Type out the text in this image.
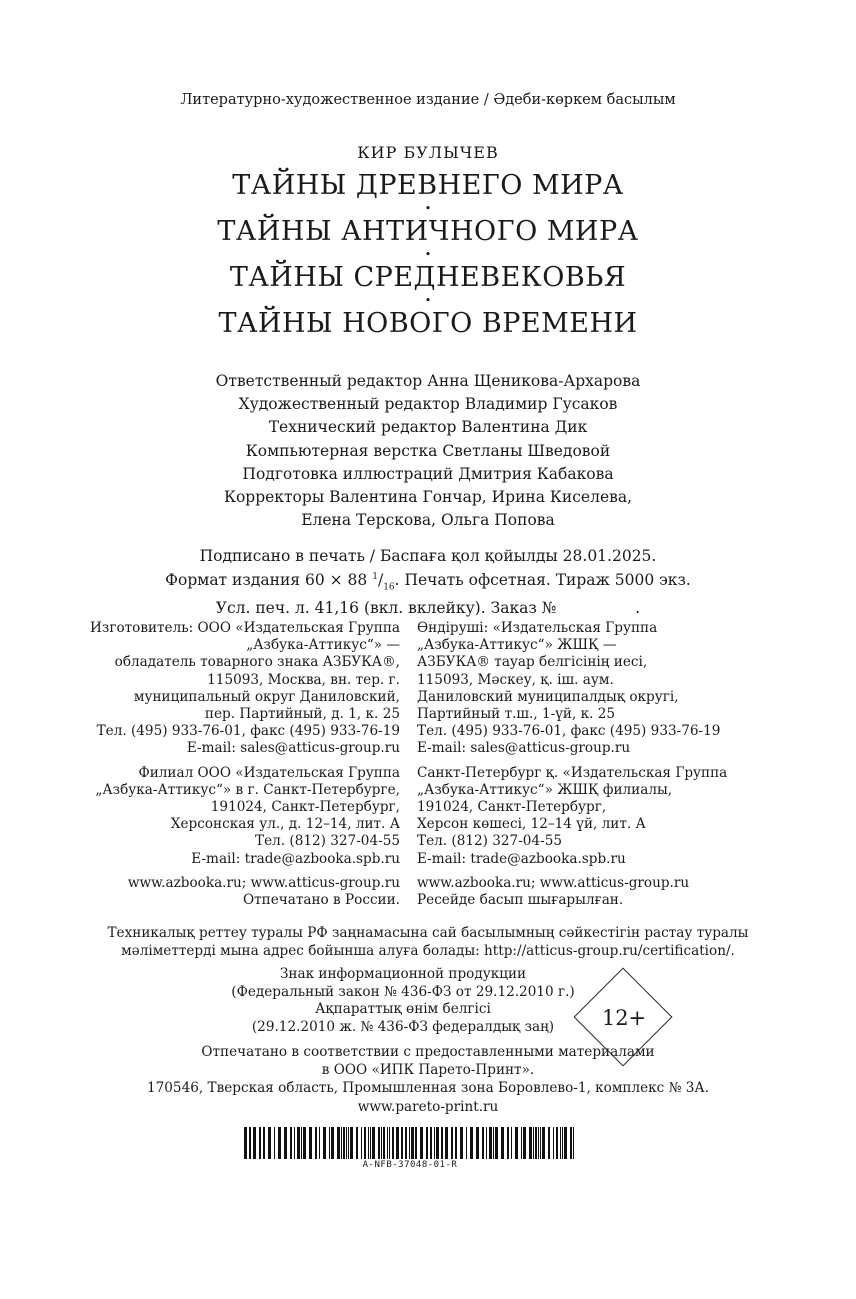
Литературно-художественное издание / Әдеби-көркем басылым
КИР БУЛЫЧЕВ
ТАЙНЫ ДРЕВНЕГО МИРА
•
ТАЙНЫ АНТИЧНОГО МИРА
•
ТАЙНЫ СРЕДНЕВЕКОВЬЯ
•
ТАЙНЫ НОВОГО ВРЕМЕНИ
Ответственный редактор Анна Щеникова-Архарова
Художественный редактор Владимир Гусаков
Технический редактор Валентина Дик
Компьютерная верстка Светланы Шведовой
Подготовка иллюстраций Дмитрия Кабакова
Корректоры Валентина Гончар, Ирина Киселева,
Елена Терскова, Ольга Попова
Подписано в печать / Баспаға қол қойылды 28.01.2025.
Формат издания 60 × 88 $^1/_{16}$. Печать офсетная. Тираж 5000 экз.
Усл. печ. л. 41,16 (вкл. вклейку). Заказ №                .
Изготовитель: ООО «Издательская Группа
„Азбука-Аттикус“» —
обладатель товарного знака АЗБУКА®,
115093, Москва, вн. тер. г.
муниципальный округ Даниловский,
пер. Партийный, д. 1, к. 25
Тел. (495) 933-76-01, факс (495) 933-76-19
E-mail: sales@atticus-group.ru
Филиал ООО «Издательская Группа
„Азбука-Аттикус“» в г. Санкт-Петербурге,
191024, Санкт-Петербург,
Херсонская ул., д. 12–14, лит. А
Тел. (812) 327-04-55
E-mail: trade@azbooka.spb.ru
www.azbooka.ru; www.atticus-group.ru
Отпечатано в России.
Өндіруші: «Издательская Группа
„Азбука-Аттикус“» ЖШҚ —
АЗБУКА® тауар белгісінің иесі,
115093, Мәскеу, қ. іш. аум.
Даниловский муниципалдық округі,
Партийный т.ш., 1-үй, к. 25
Тел. (495) 933-76-01, факс (495) 933-76-19
E-mail: sales@atticus-group.ru
Санкт-Петербург қ. «Издательская Группа
„Азбука-Аттикус“» ЖШҚ филиалы,
191024, Санкт-Петербург,
Херсон көшесі, 12–14 үй, лит. А
Тел. (812) 327-04-55
E-mail: trade@azbooka.spb.ru
www.azbooka.ru; www.atticus-group.ru
Ресейде басып шығарылған.
Техникалық реттеу туралы РФ заңнамасына сай басылымның сәйкестігін растау туралы
мәліметтерді мына адрес бойынша алуға болады: http://atticus-group.ru/certification/.
Знак информационной продукции
(Федеральный закон № 436-ФЗ от 29.12.2010 г.)
Ақпараттық өнім белгісі
(29.12.2010 ж. № 436-ФЗ федералдық заң)	12+
Отпечатано в соответствии с предоставленными материалами
в ООО «ИПК Парето-Принт».
170546, Тверская область, Промышленная зона Боровлево-1, комплекс № 3А.
www.pareto-print.ru
A-NFB-37048-01-R
